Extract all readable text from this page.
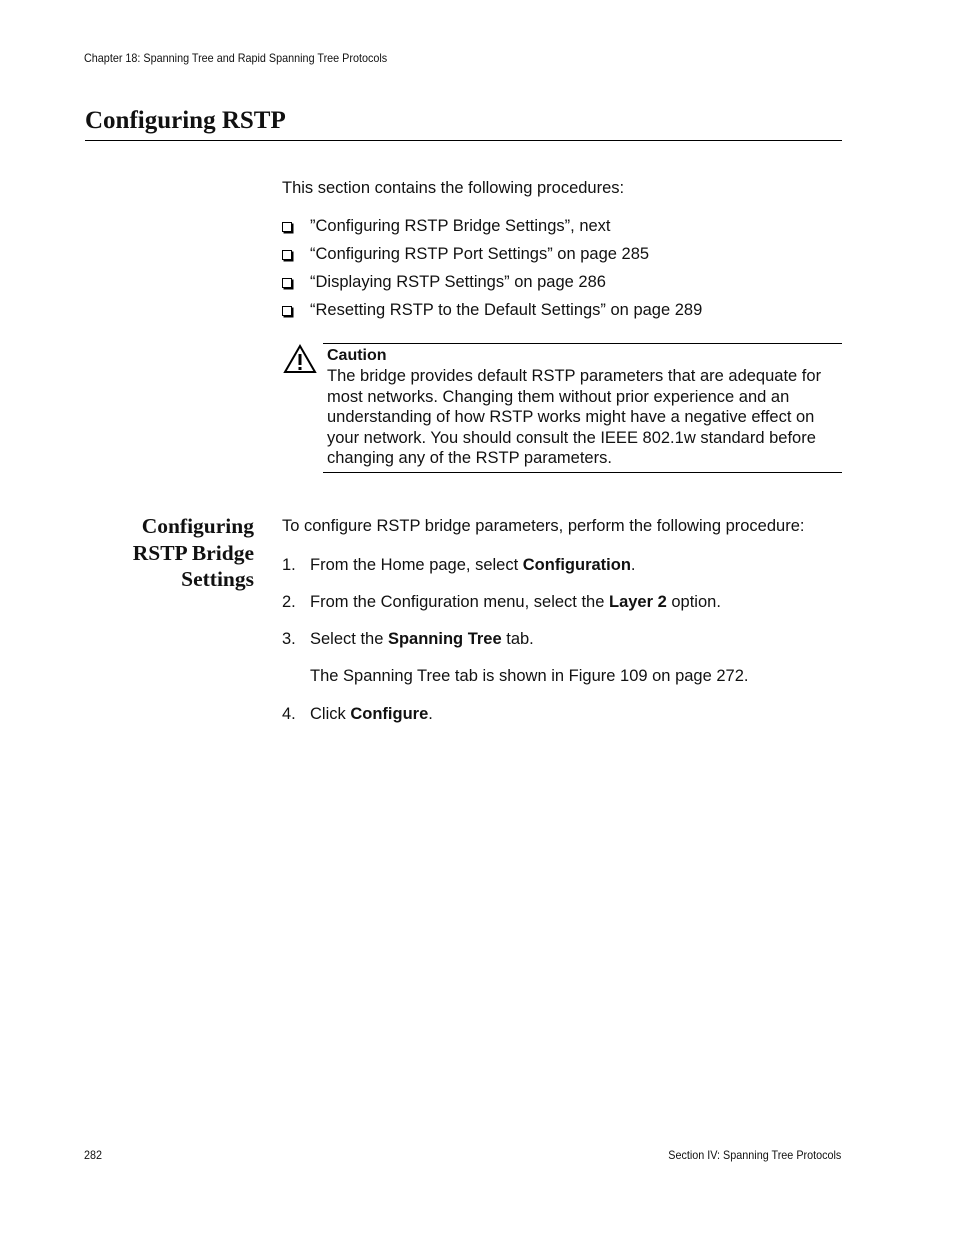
Chapter 18: Spanning Tree and Rapid Spanning Tree Protocols
Configuring RSTP
This section contains the following procedures:
”Configuring RSTP Bridge Settings”, next
“Configuring RSTP Port Settings” on page 285
“Displaying RSTP Settings” on page 286
“Resetting RSTP to the Default Settings” on page 289
Caution
The bridge provides default RSTP parameters that are adequate for
most networks. Changing them without prior experience and an
understanding of how RSTP works might have a negative effect on
your network. You should consult the IEEE 802.1w standard before
changing any of the RSTP parameters.
Configuring
RSTP Bridge
Settings
To configure RSTP bridge parameters, perform the following procedure:
1. From the Home page, select Configuration.
2. From the Configuration menu, select the Layer 2 option.
3. Select the Spanning Tree tab.
The Spanning Tree tab is shown in Figure 109 on page 272.
4. Click Configure.
282	Section IV: Spanning Tree Protocols
